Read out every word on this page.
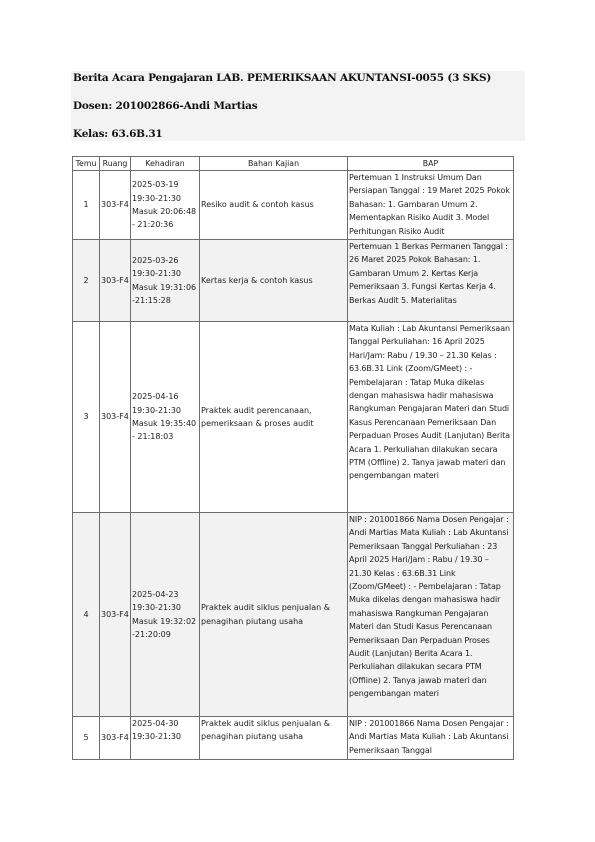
Berita Acara Pengajaran LAB. PEMERIKSAAN AKUNTANSI-0055 (3 SKS)
Dosen: 201002866-Andi Martias
Kelas: 63.6B.31
Temu	Ruang	Kehadiran	Bahan Kajian	BAP
1	303-F4	2025-03-19 19:30-21:30 Masuk 20:06:48 - 21:20:36	Resiko audit & contoh kasus	Pertemuan 1 Instruksi Umum Dan Persiapan Tanggal : 19 Maret 2025 Pokok Bahasan: 1. Gambaran Umum 2. Mementapkan Risiko Audit 3. Model Perhitungan Risiko Audit
2	303-F4	2025-03-26 19:30-21:30 Masuk 19:31:06 -21:15:28	Kertas kerja & contoh kasus	Pertemuan 1 Berkas Permanen Tanggal : 26 Maret 2025 Pokok Bahasan: 1. Gambaran Umum 2. Kertas Kerja Pemeriksaan 3. Fungsi Kertas Kerja 4. Berkas Audit 5. Materialitas
3	303-F4	2025-04-16 19:30-21:30 Masuk 19:35:40 - 21:18:03	Praktek audit perencanaan, pemeriksaan & proses audit	Mata Kuliah : Lab Akuntansi Pemeriksaan Tanggal Perkuliahan: 16 April 2025 Hari/Jam: Rabu / 19.30 – 21.30 Kelas : 63.6B.31 Link (Zoom/GMeet) : - Pembelajaran : Tatap Muka dikelas dengan mahasiswa hadir mahasiswa Rangkuman Pengajaran Materi dan Studi Kasus Perencanaan Pemeriksaan Dan Perpaduan Proses Audit (Lanjutan) Berita Acara 1. Perkuliahan dilakukan secara PTM (Offline) 2. Tanya jawab materi dan pengembangan materi
4	303-F4	2025-04-23 19:30-21:30 Masuk 19:32:02 -21:20:09	Praktek audit siklus penjualan & penagihan piutang usaha	NIP : 201001866 Nama Dosen Pengajar : Andi Martias Mata Kuliah : Lab Akuntansi Pemeriksaan Tanggal Perkuliahan : 23 April 2025 Hari/Jam : Rabu / 19.30 – 21.30 Kelas : 63.6B.31 Link (Zoom/GMeet) : - Pembelajaran : Tatap Muka dikelas dengan mahasiswa hadir mahasiswa Rangkuman Pengajaran Materi dan Studi Kasus Perencanaan Pemeriksaan Dan Perpaduan Proses Audit (Lanjutan) Berita Acara 1. Perkuliahan dilakukan secara PTM (Offline) 2. Tanya jawab materi dan pengembangan materi
5	303-F4	2025-04-30 19:30-21:30	Praktek audit siklus penjualan & penagihan piutang usaha	NIP : 201001866 Nama Dosen Pengajar : Andi Martias Mata Kuliah : Lab Akuntansi Pemeriksaan Tanggal
